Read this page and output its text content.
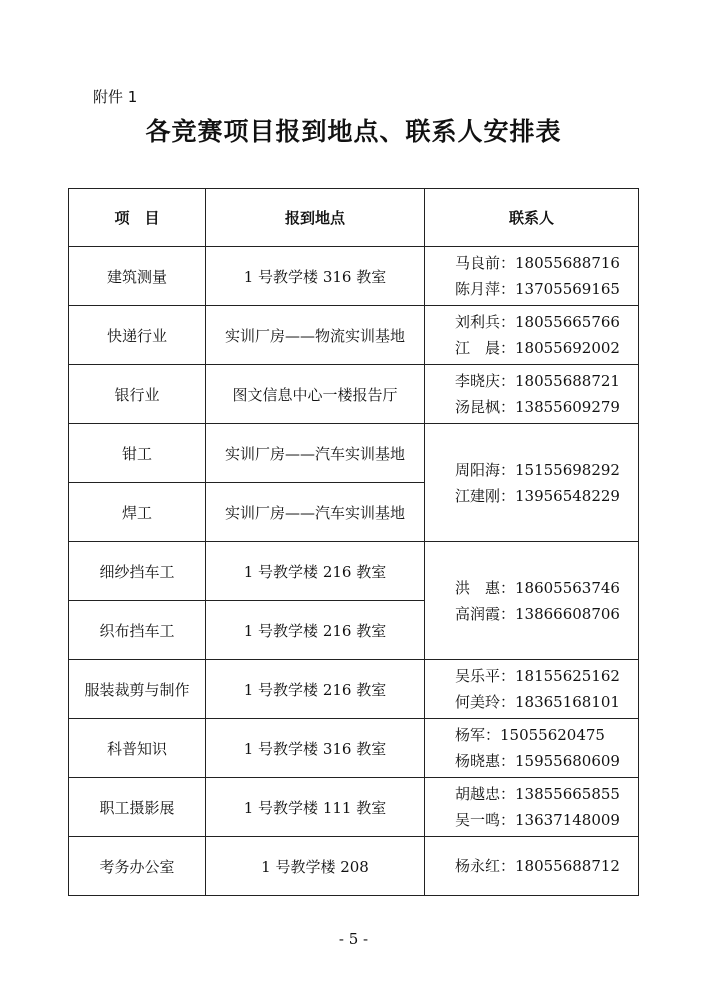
附件 1
各竞赛项目报到地点、联系人安排表
项　目	报到地点	联系人
建筑测量	1 号教学楼 316 教室	马良前：18055688716
陈月萍：13705569165

快递行业	实训厂房——物流实训基地	刘利兵：18055665766
江　晨：18055692002

银行业	图文信息中心一楼报告厅	李晓庆：18055688721
汤昆枫：13855609279

钳工	实训厂房——汽车实训基地	周阳海：15155698292
江建刚：13956548229

焊工	实训厂房——汽车实训基地	
细纱挡车工	1 号教学楼 216 教室	洪　惠：18605563746
高润霞：13866608706

织布挡车工	1 号教学楼 216 教室	
服装裁剪与制作	1 号教学楼 216 教室	吴乐平：18155625162
何美玲：18365168101

科普知识	1 号教学楼 316 教室	杨军：15055620475
杨晓惠：15955680609

职工摄影展	1 号教学楼 111 教室	胡越忠：13855665855
吴一鸣：13637148009

考务办公室	1 号教学楼 208	杨永红：18055688712
- 5 -
